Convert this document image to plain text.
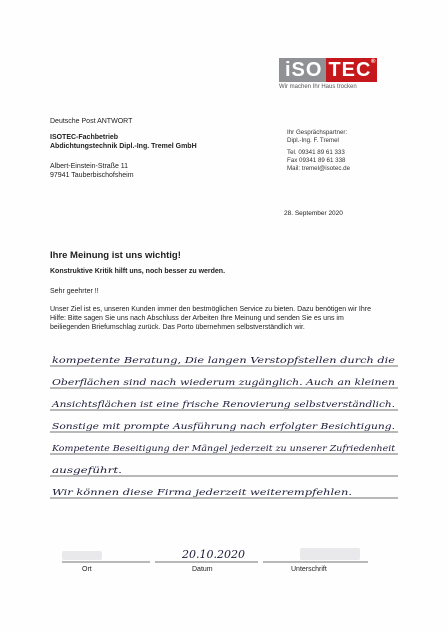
iSO TEC ®
Wir machen Ihr Haus trocken
Deutsche Post ANTWORT
ISOTEC-Fachbetrieb
Abdichtungstechnik Dipl.-Ing. Tremel GmbH
Albert-Einstein-Straße 11
97941 Tauberbischofsheim
Ihr Gesprächspartner:
Dipl.-Ing. F. Tremel
Tel. 09341 89 61 333
Fax 09341 89 61 338
Mail: tremel@isotec.de
28. September 2020
Ihre Meinung ist uns wichtig!
Konstruktive Kritik hilft uns, noch besser zu werden.
Sehr geehrter !!
Unser Ziel ist es, unseren Kunden immer den bestmöglichen Service zu bieten. Dazu benötigen wir Ihre Hilfe: Bitte sagen Sie uns nach Abschluss der Arbeiten Ihre Meinung und senden Sie es uns im beiliegenden Briefumschlag zurück. Das Porto übernehmen selbstverständlich wir.
kompetente Beratung, Die langen Verstopfstellen durch die
Oberflächen sind nach wiederum zugänglich. Auch an kleinen
Ansichtsflächen ist eine frische Renovierung selbstverständlich.
Sonstige mit prompte Ausführung nach erfolgter Besichtigung.
Kompetente Beseitigung der Mängel jederzeit zu unserer Zufriedenheit
ausgeführt.
Wir können diese Firma jederzeit weiterempfehlen.
20.10.2020
Ort	Datum	Unterschrift
